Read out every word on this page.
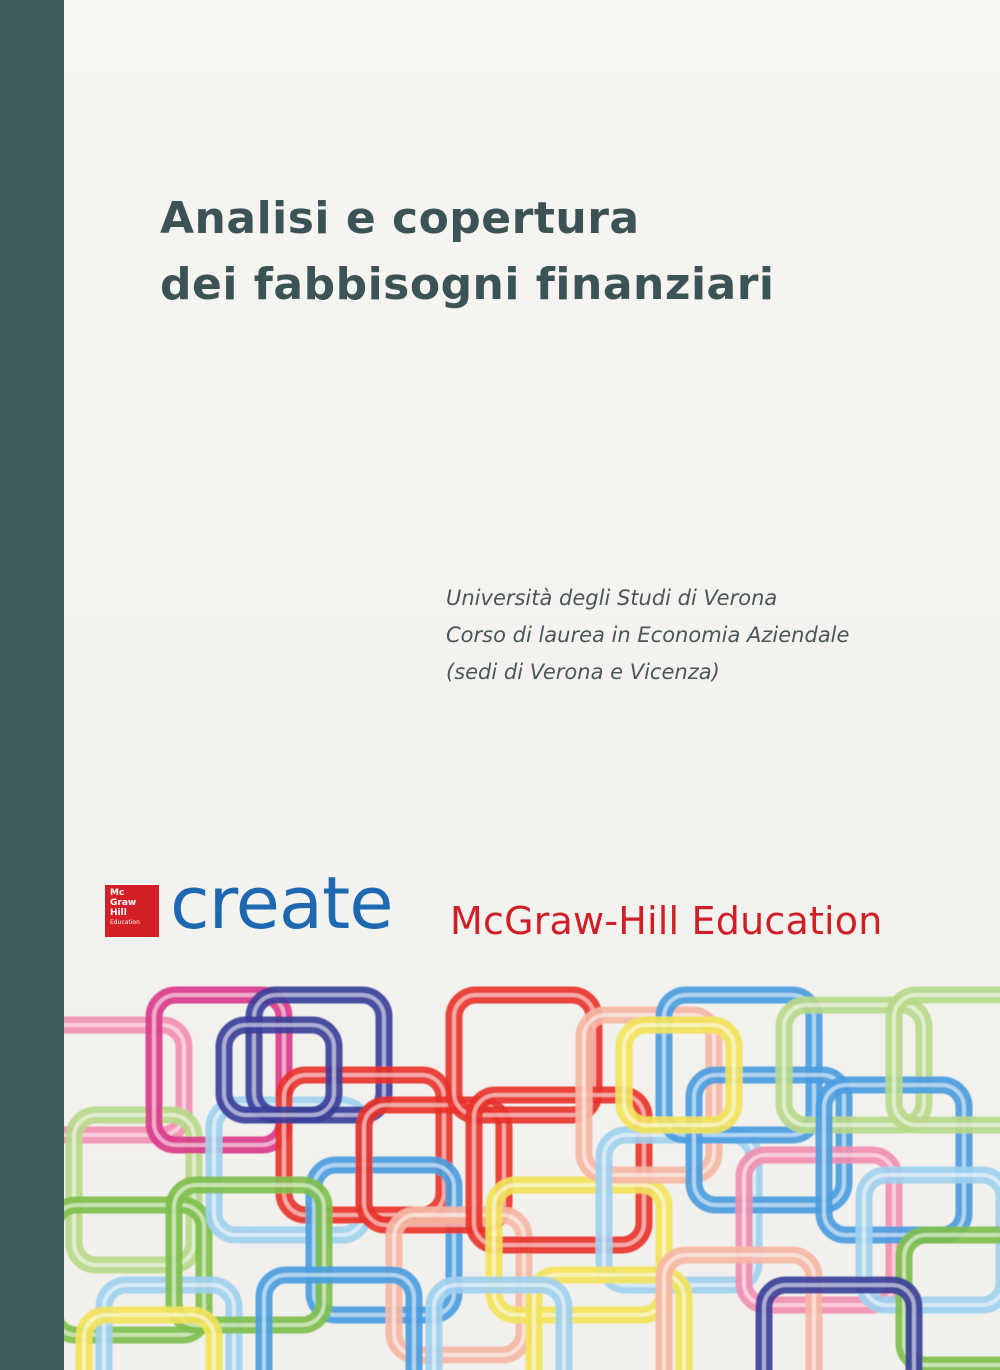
Analisi e copertura
dei fabbisogni finanziari
Università degli Studi di Verona
Corso di laurea in Economia Aziendale
(sedi di Verona e Vicenza)
Mc
Graw
Hill
Education create McGraw-Hill Education
